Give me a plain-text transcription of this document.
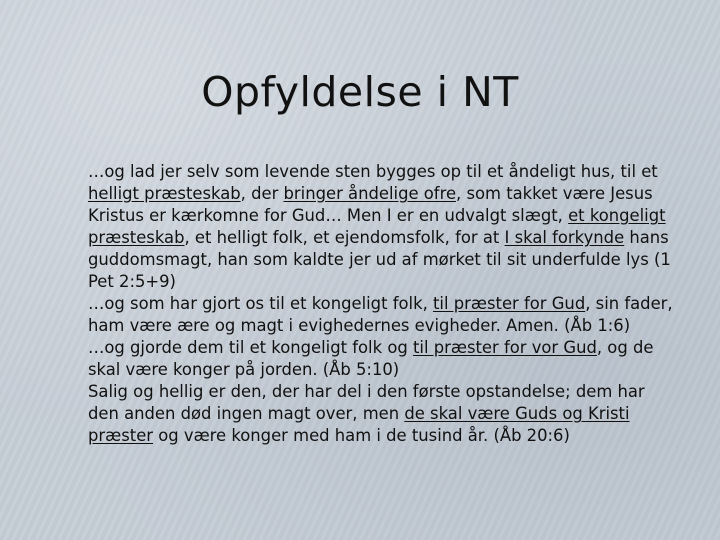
Opfyldelse i NT

…og lad jer selv som levende sten bygges op til et åndeligt hus, til et helligt præsteskab, der bringer åndelige ofre, som takket være Jesus Kristus er kærkomne for Gud… Men I er en udvalgt slægt, et kongeligt præsteskab, et helligt folk, et ejendomsfolk, for at I skal forkynde hans guddomsmagt, han som kaldte jer ud af mørket til sit underfulde lys (1 Pet 2:5+9)

…og som har gjort os til et kongeligt folk, til præster for Gud, sin fader, ham være ære og magt i evighedernes evigheder. Amen. (Åb 1:6)

…og gjorde dem til et kongeligt folk og til præster for vor Gud, og de skal være konger på jorden. (Åb 5:10)

Salig og hellig er den, der har del i den første opstandelse; dem har den anden død ingen magt over, men de skal være Guds og Kristi præster og være konger med ham i de tusind år. (Åb 20:6)
